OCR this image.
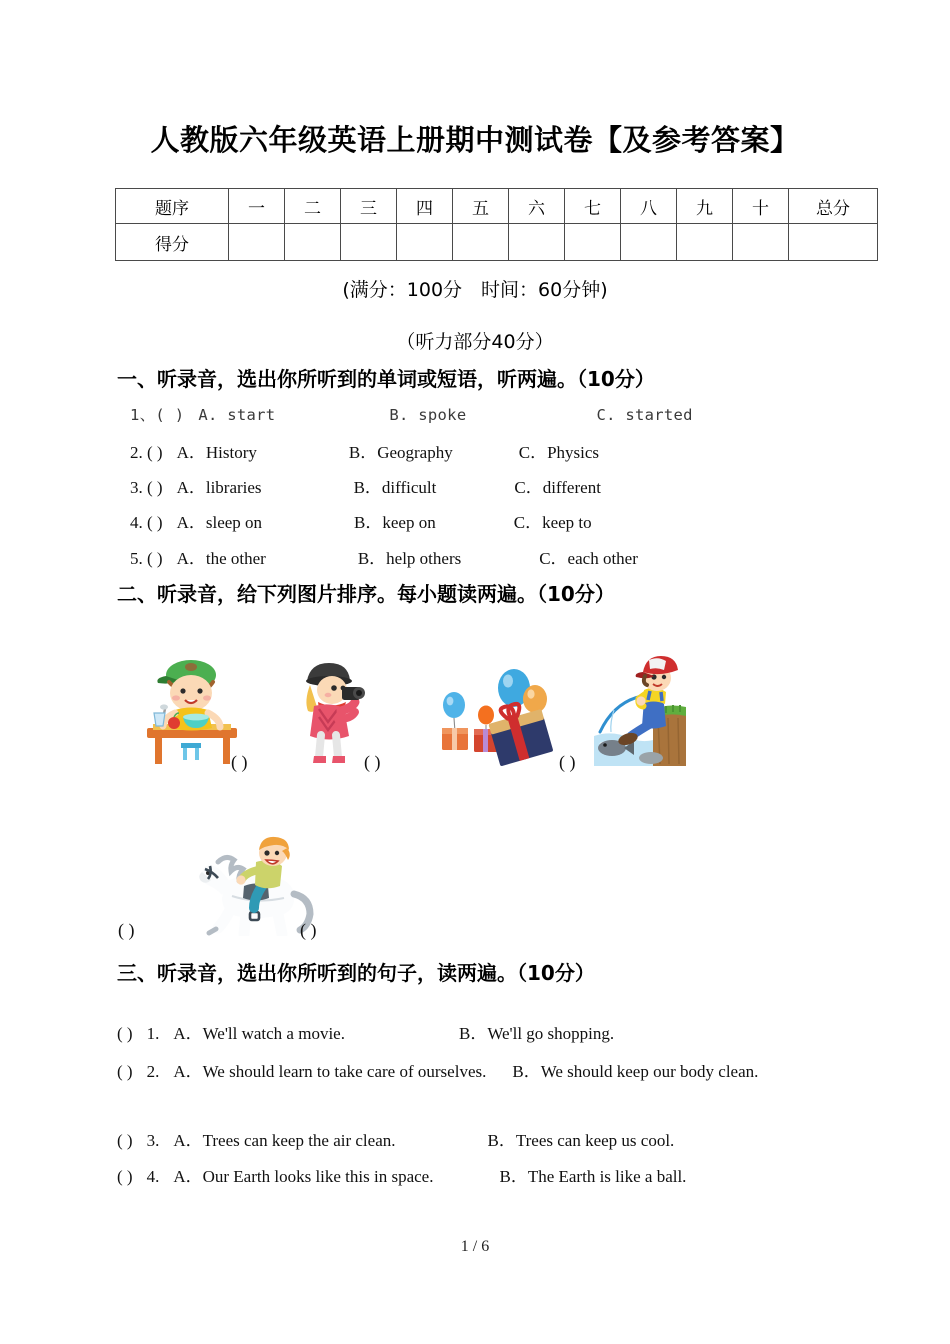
人教版六年级英语上册期中测试卷【及参考答案】
题序	一	二	三	四	五	六	七	八	九	十	总分
得分											
(满分：100分　时间：60分钟)
（听力部分40分）
一、听录音，选出你所听到的单词或短语，听两遍。（10分）
1、( ) A. start	B. spoke	C. started
2. ( ) A．History	B．Geography	C．Physics
3. ( ) A．libraries	B．difficult	C．different
4. ( ) A．sleep on	B．keep on	C．keep to
5. ( ) A．the other	B．help others	C．each other
二、听录音，给下列图片排序。每小题读两遍。（10分）
( )	( )	( )
( )	( )
三、听录音，选出你所听到的句子，读两遍。（10分）
( ) 1. A．We'll watch a movie.	B．We'll go shopping.
( ) 2. A．We should learn to take care of ourselves. B．We should keep our body clean.
( ) 3. A．Trees can keep the air clean.	B．Trees can keep us cool.
( ) 4. A．Our Earth looks like this in space.	B．The Earth is like a ball.
1 / 6
